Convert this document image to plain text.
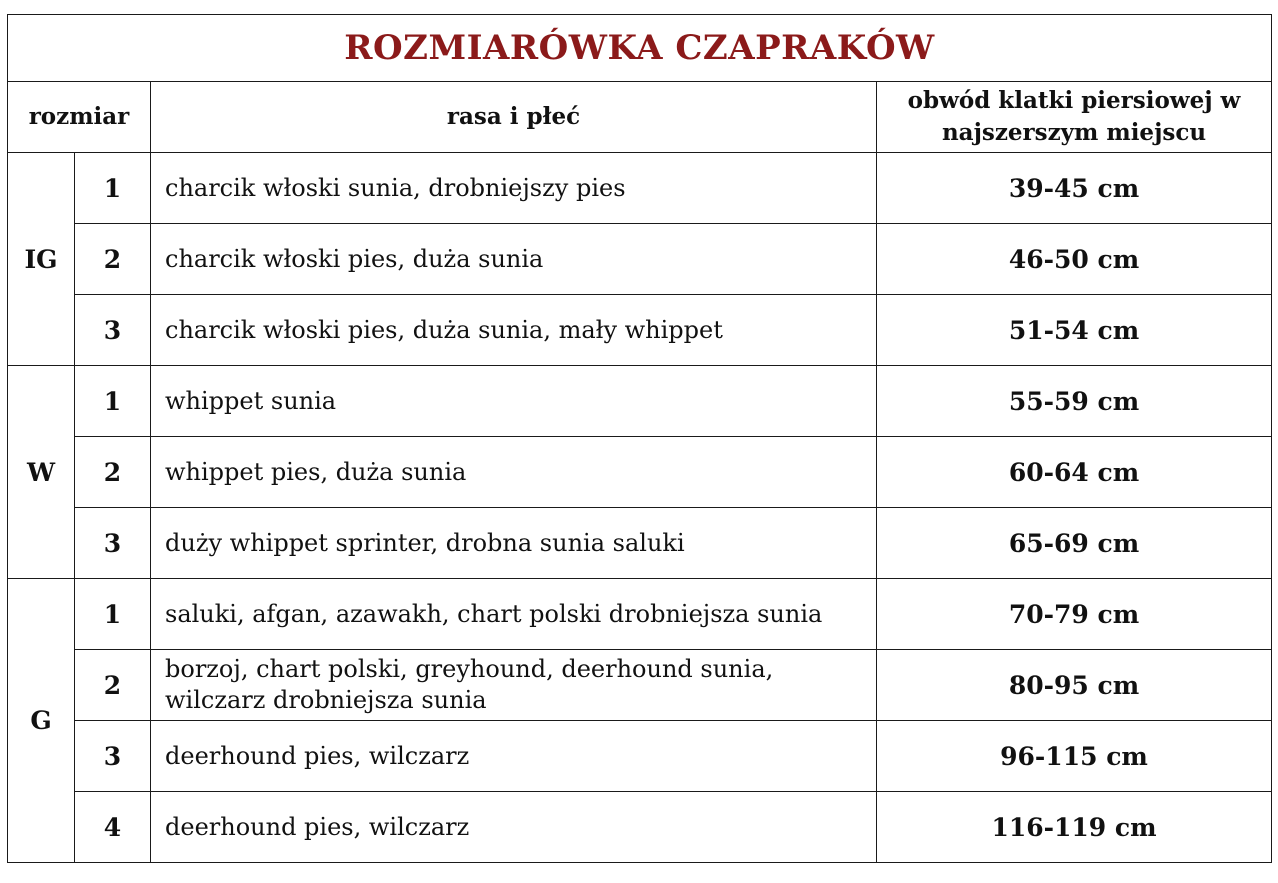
ROZMIARÓWKA CZAPRAKÓW			
rozmiar		rasa i płeć	obwód klatki piersiowej w najszerszym miejscu
IG	1	charcik włoski sunia, drobniejszy pies	39-45 cm
	2	charcik włoski pies, duża sunia	46-50 cm
	3	charcik włoski pies, duża sunia, mały whippet	51-54 cm
W	1	whippet sunia	55-59 cm
	2	whippet pies, duża sunia	60-64 cm
	3	duży whippet sprinter, drobna sunia saluki	65-69 cm
G	1	saluki, afgan, azawakh, chart polski drobniejsza sunia	70-79 cm
	2	borzoj, chart polski, greyhound, deerhound sunia, wilczarz drobniejsza sunia	80-95 cm
	3	deerhound pies, wilczarz	96-115 cm
	4	deerhound pies, wilczarz	116-119 cm
